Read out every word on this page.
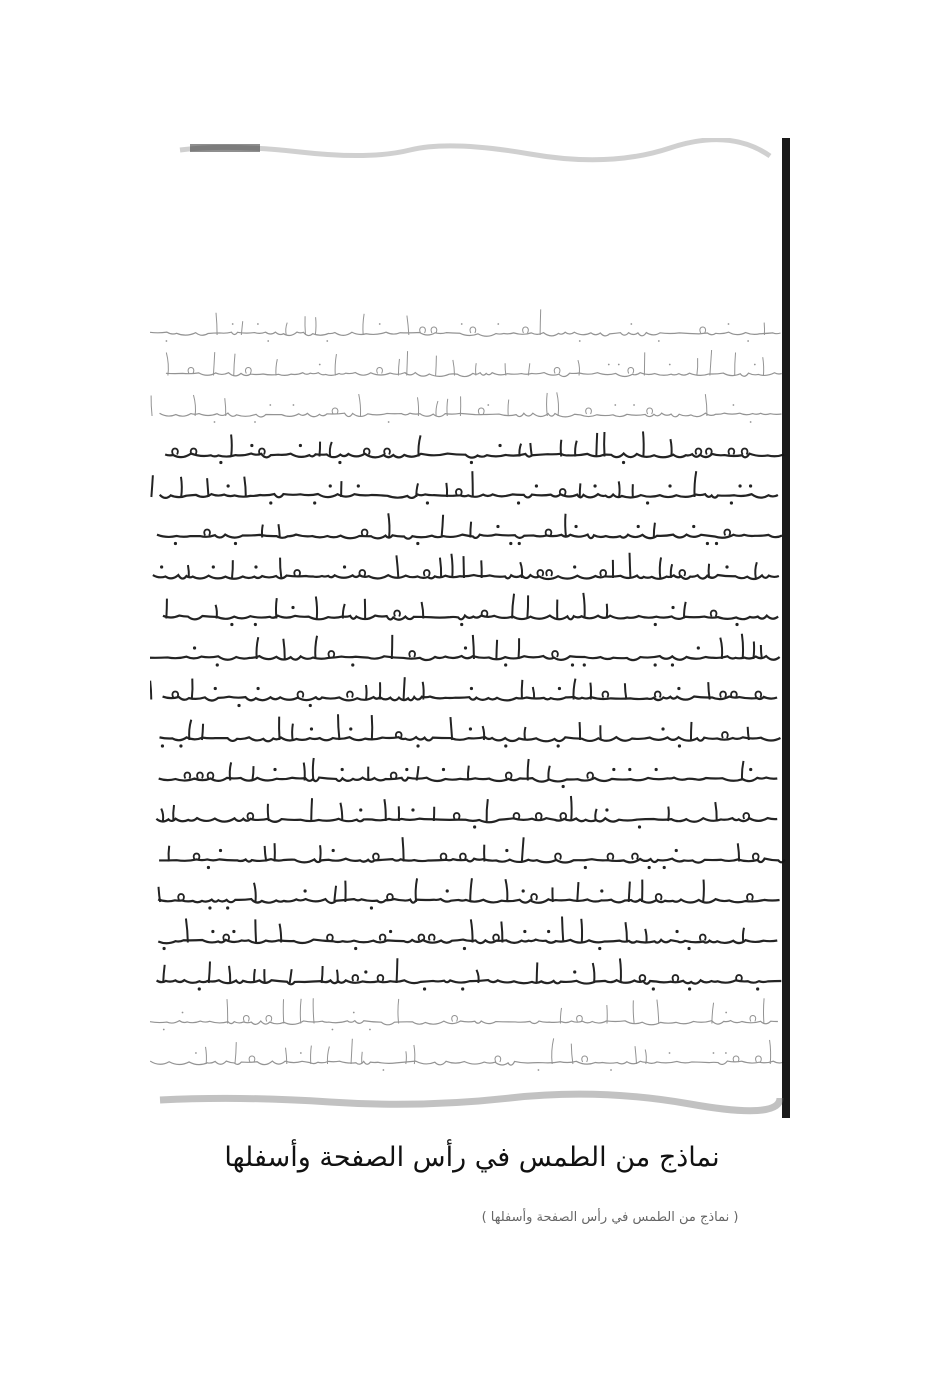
( نماذج من الطمس في رأس الصفحة وأسفلها )
نماذج من الطمس في رأس الصفحة وأسفلها
